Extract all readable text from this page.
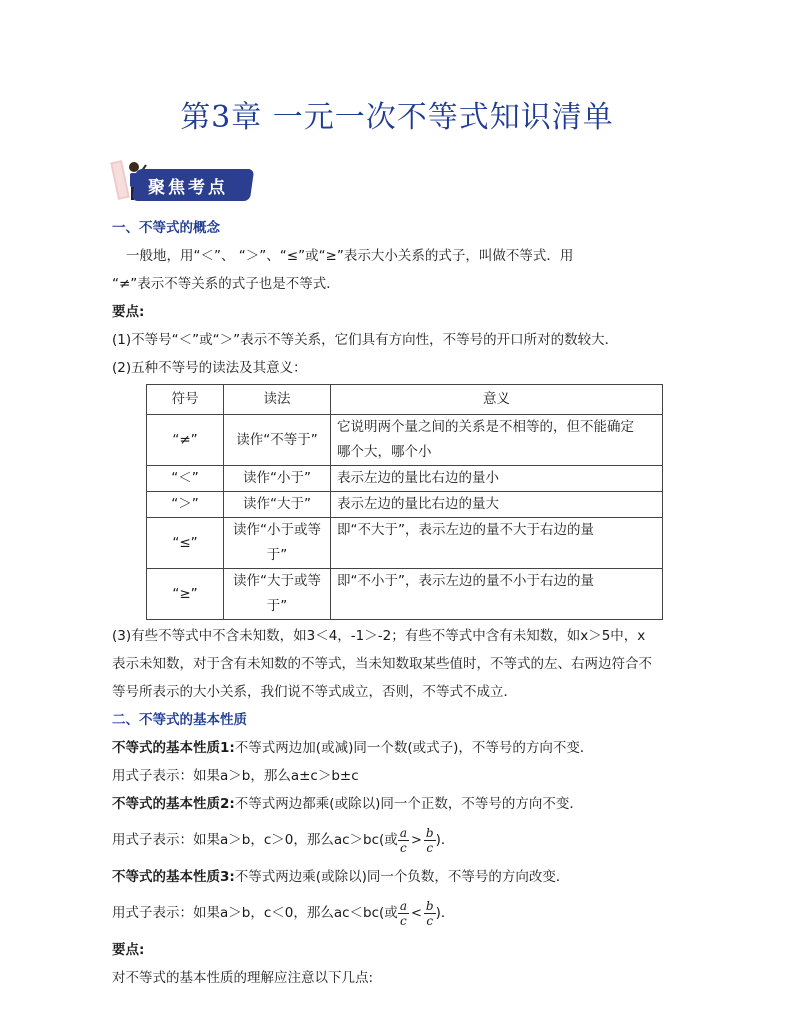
第3章 一元一次不等式知识清单
聚焦考点

一、不等式的概念

一般地，用“＜”、 “＞”、“≤”或“≥”表示大小关系的式子，叫做不等式．用

“≠”表示不等关系的式子也是不等式．

要点:

(1)不等号“＜”或“＞”表示不等关系，它们具有方向性，不等号的开口所对的数较大．

(2)五种不等号的读法及其意义：

符号	读法	意义
“≠”	读作“不等于”	它说明两个量之间的关系是不相等的，但不能确定
哪个大，哪个小

“＜”	读作“小于”	表示左边的量比右边的量小
“＞”	读作“大于”	表示左边的量比右边的量大
“≤”	读作“小于或等
于”	即“不大于”，表示左边的量不大于右边的量
“≥”	读作“大于或等
于”	即“不小于”，表示左边的量不小于右边的量

(3)有些不等式中不含未知数，如3＜4，-1＞-2；有些不等式中含有未知数，如x＞5中，x

表示未知数，对于含有未知数的不等式，当未知数取某些值时，不等式的左、右两边符合不

等号所表示的大小关系，我们说不等式成立，否则，不等式不成立．

二、不等式的基本性质

不等式的基本性质1:不等式两边加(或减)同一个数(或式子)，不等号的方向不变．

用式子表示：如果a＞b，那么a±c＞b±c

不等式的基本性质2:不等式两边都乘(或除以)同一个正数，不等号的方向不变．

用式子表示：如果a＞b，c＞0，那么ac＞bc(或 $\frac{a}{c} > \frac{b}{c}$ )．

不等式的基本性质3:不等式两边乘(或除以)同一个负数，不等号的方向改变．

用式子表示：如果a＞b，c＜0，那么ac＜bc(或 $\frac{a}{c} < \frac{b}{c}$ )．

要点:

对不等式的基本性质的理解应注意以下几点:
